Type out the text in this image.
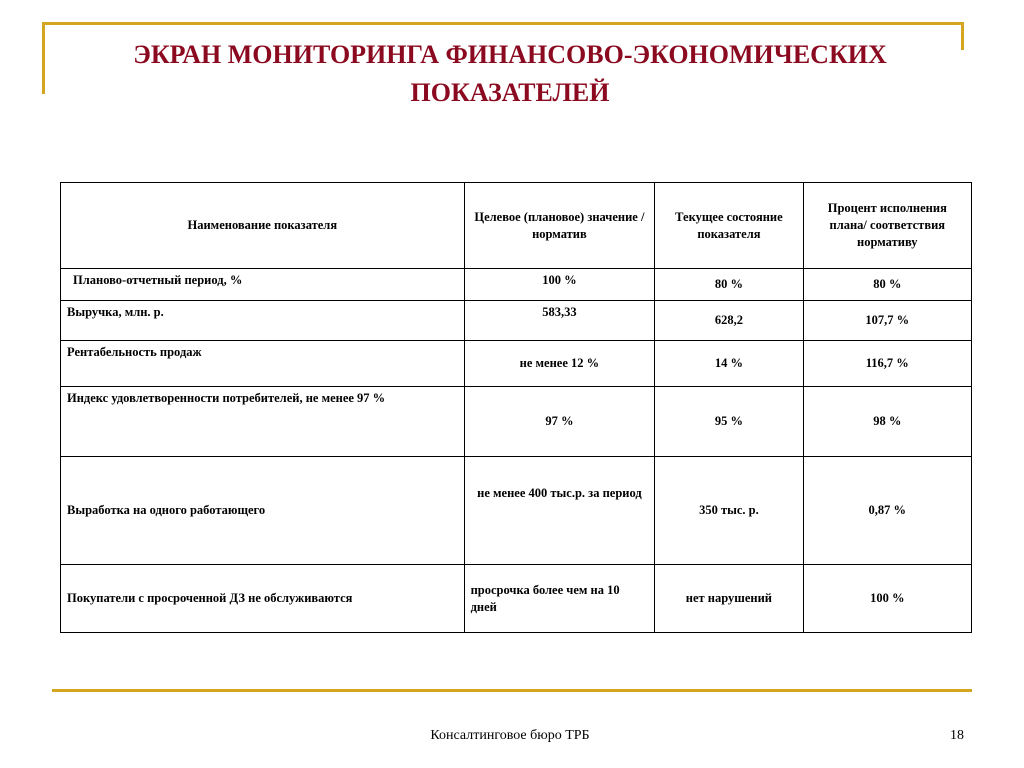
ЭКРАН МОНИТОРИНГА ФИНАНСОВО-ЭКОНОМИЧЕСКИХ
ПОКАЗАТЕЛЕЙ
Наименование показателя	Целевое (плановое) значение / норматив	Текущее состояние показателя	Процент исполнения плана/ соответствия нормативу
Планово-отчетный период, %	100 %	80 %	80 %
Выручка, млн. р.	583,33	628,2	107,7 %
Рентабельность продаж	не менее 12 %	14 %	116,7 %
Индекс удовлетворенности потребителей, не менее 97 %	97 %	95 %	98 %
Выработка на одного работающего	не менее 400 тыс.р. за период	350 тыс. р.	0,87 %
Покупатели с просроченной ДЗ не обслуживаются	просрочка более чем на 10 дней	нет нарушений	100 %
Консалтинговое бюро ТРБ	18
